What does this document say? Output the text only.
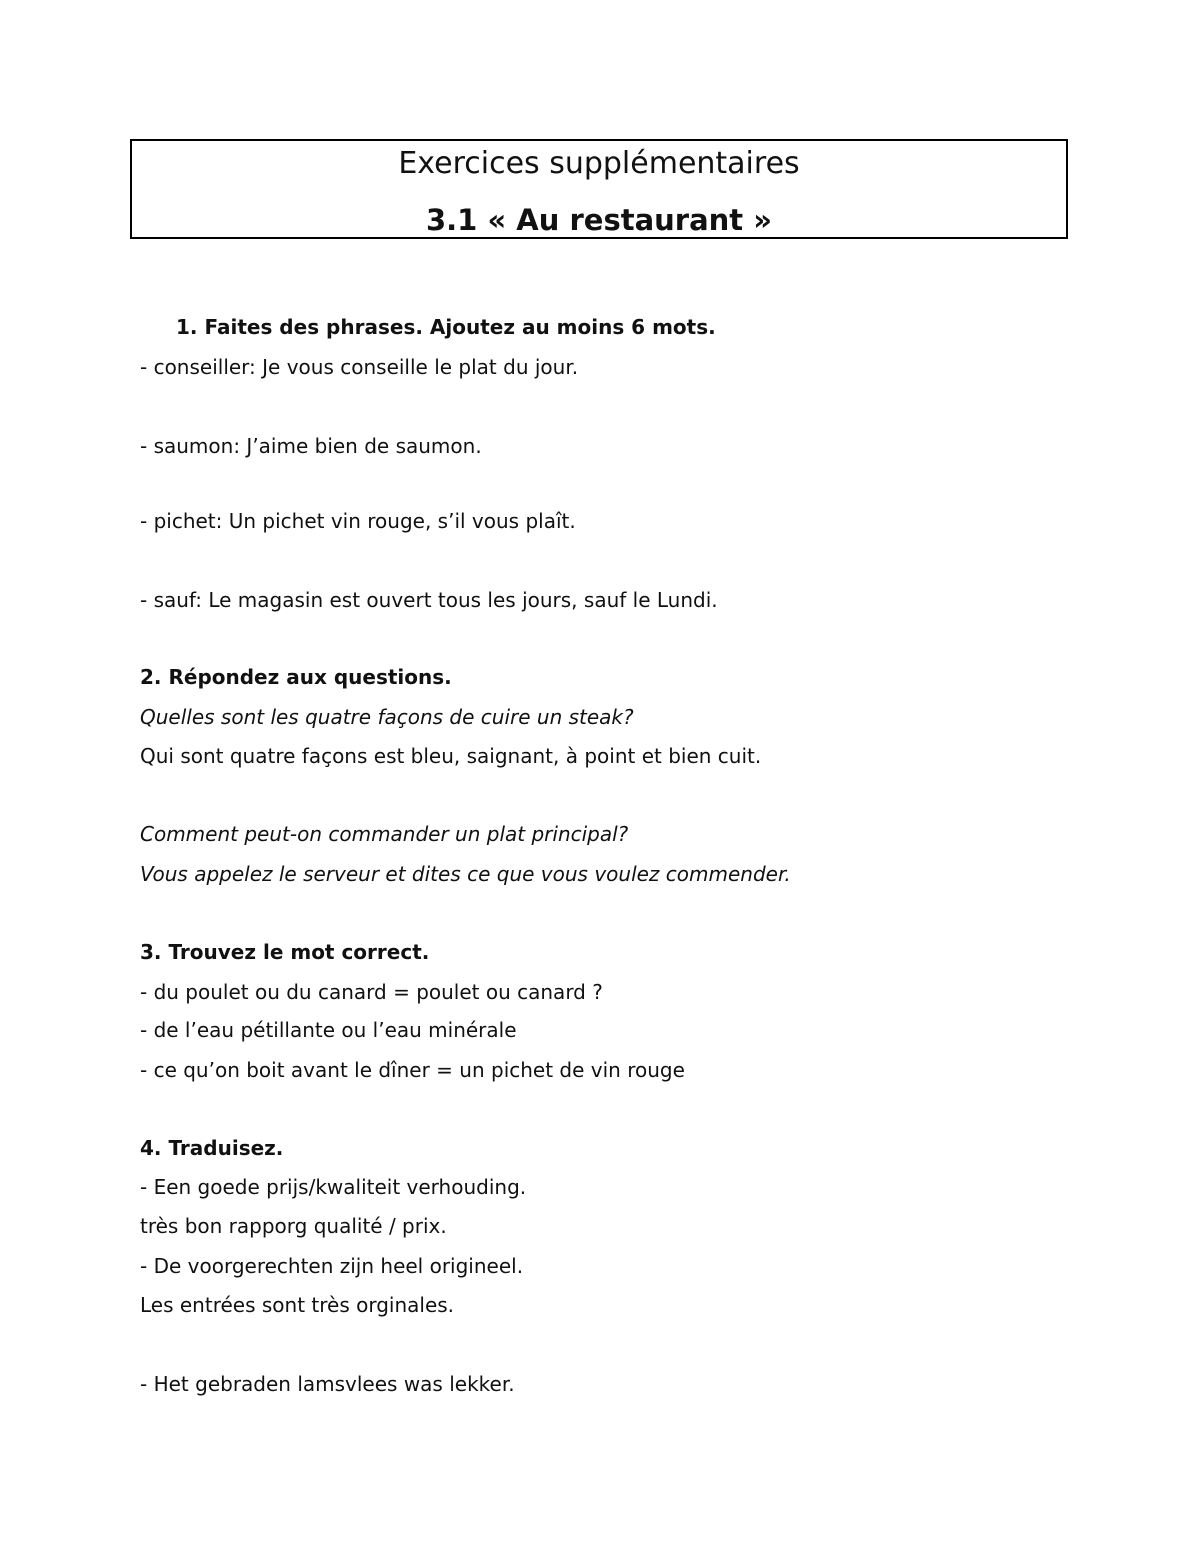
Exercices supplémentaires
3.1 « Au restaurant »
1. Faites des phrases. Ajoutez au moins 6 mots.
- conseiller: Je vous conseille le plat du jour.
- saumon: J’aime bien de saumon.
- pichet: Un pichet vin rouge, s’il vous plaît.
- sauf: Le magasin est ouvert tous les jours, sauf le Lundi.
2. Répondez aux questions.
Quelles sont les quatre façons de cuire un steak?
Qui sont quatre façons est bleu, saignant, à point et bien cuit.
Comment peut-on commander un plat principal?
Vous appelez le serveur et dites ce que vous voulez commender.
3. Trouvez le mot correct.
- du poulet ou du canard = poulet ou canard ?
- de l’eau pétillante ou l’eau minérale
- ce qu’on boit avant le dîner = un pichet de vin rouge
4. Traduisez.
- Een goede prijs/kwaliteit verhouding.
très bon rapporg qualité / prix.
- De voorgerechten zijn heel origineel.
Les entrées sont très orginales.
- Het gebraden lamsvlees was lekker.
